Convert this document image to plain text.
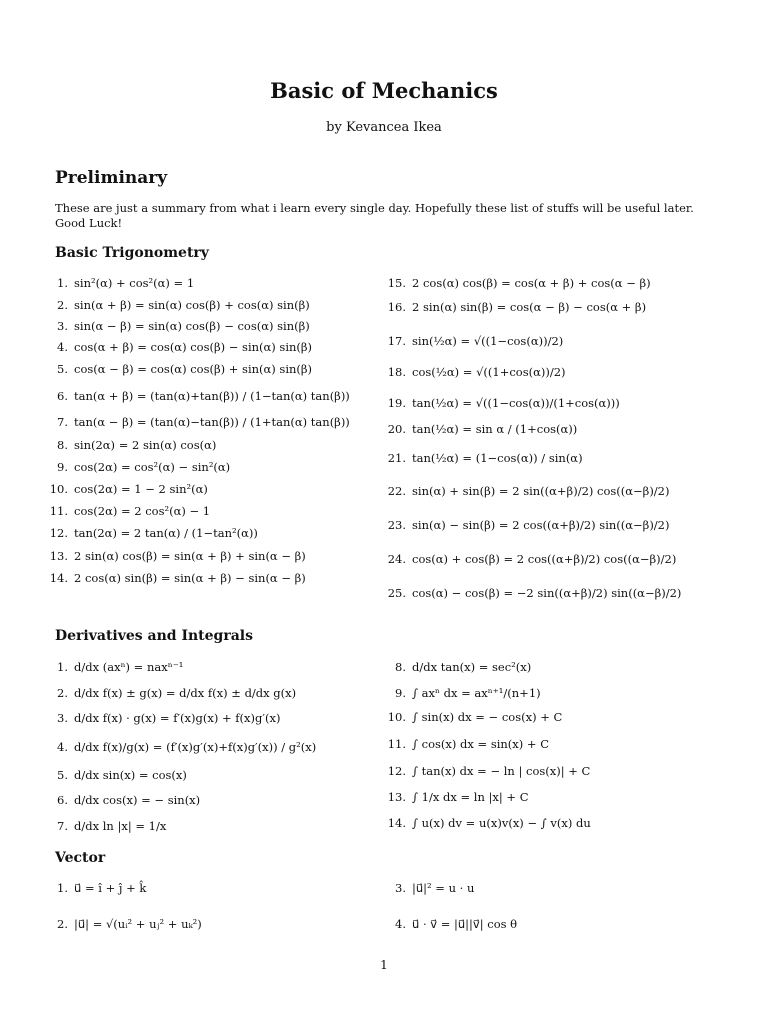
Basic of Mechanics
by Kevancea Ikea
Preliminary
These are just a summary from what i learn every single day. Hopefully these list of stuffs will be useful later. Good Luck!
Basic Trigonometry
1. sin²(α) + cos²(α) = 1
2. sin(α + β) = sin(α) cos(β) + cos(α) sin(β)
3. sin(α − β) = sin(α) cos(β) − cos(α) sin(β)
4. cos(α + β) = cos(α) cos(β) − sin(α) sin(β)
5. cos(α − β) = cos(α) cos(β) + sin(α) sin(β)
6. tan(α + β) = (tan(α)+tan(β)) / (1−tan(α) tan(β))
7. tan(α − β) = (tan(α)−tan(β)) / (1+tan(α) tan(β))
8. sin(2α) = 2 sin(α) cos(α)
9. cos(2α) = cos²(α) − sin²(α)
10. cos(2α) = 1 − 2 sin²(α)
11. cos(2α) = 2 cos²(α) − 1
12. tan(2α) = 2 tan(α) / (1−tan²(α))
13. 2 sin(α) cos(β) = sin(α + β) + sin(α − β)
14. 2 cos(α) sin(β) = sin(α + β) − sin(α − β)
15. 2 cos(α) cos(β) = cos(α + β) + cos(α − β)
16. 2 sin(α) sin(β) = cos(α − β) − cos(α + β)
17. sin(½α) = √((1−cos(α))/2)
18. cos(½α) = √((1+cos(α))/2)
19. tan(½α) = √((1−cos(α))/(1+cos(α)))
20. tan(½α) = sin α / (1+cos(α))
21. tan(½α) = (1−cos(α)) / sin(α)
22. sin(α) + sin(β) = 2 sin((α+β)/2) cos((α−β)/2)
23. sin(α) − sin(β) = 2 cos((α+β)/2) sin((α−β)/2)
24. cos(α) + cos(β) = 2 cos((α+β)/2) cos((α−β)/2)
25. cos(α) − cos(β) = −2 sin((α+β)/2) sin((α−β)/2)
Derivatives and Integrals
1. d/dx (axⁿ) = naxⁿ⁻¹
2. d/dx f(x) ± g(x) = d/dx f(x) ± d/dx g(x)
3. d/dx f(x) · g(x) = f′(x)g(x) + f(x)g′(x)
4. d/dx f(x)/g(x) = (f′(x)g′(x)+f(x)g′(x)) / g²(x)
5. d/dx sin(x) = cos(x)
6. d/dx cos(x) = − sin(x)
7. d/dx ln |x| = 1/x
8. d/dx tan(x) = sec²(x)
9. ∫ axⁿ dx = axⁿ⁺¹/(n+1)
10. ∫ sin(x) dx = − cos(x) + C
11. ∫ cos(x) dx = sin(x) + C
12. ∫ tan(x) dx = − ln | cos(x)| + C
13. ∫ 1/x dx = ln |x| + C
14. ∫ u(x) dv = u(x)v(x) − ∫ v(x) du
Vector
1. u⃗ = î + ĵ + k̂
2. |u⃗| = √(uᵢ² + uⱼ² + uₖ²)
3. |u⃗|² = u · u
4. u⃗ · v⃗ = |u⃗||v⃗| cos θ
1
